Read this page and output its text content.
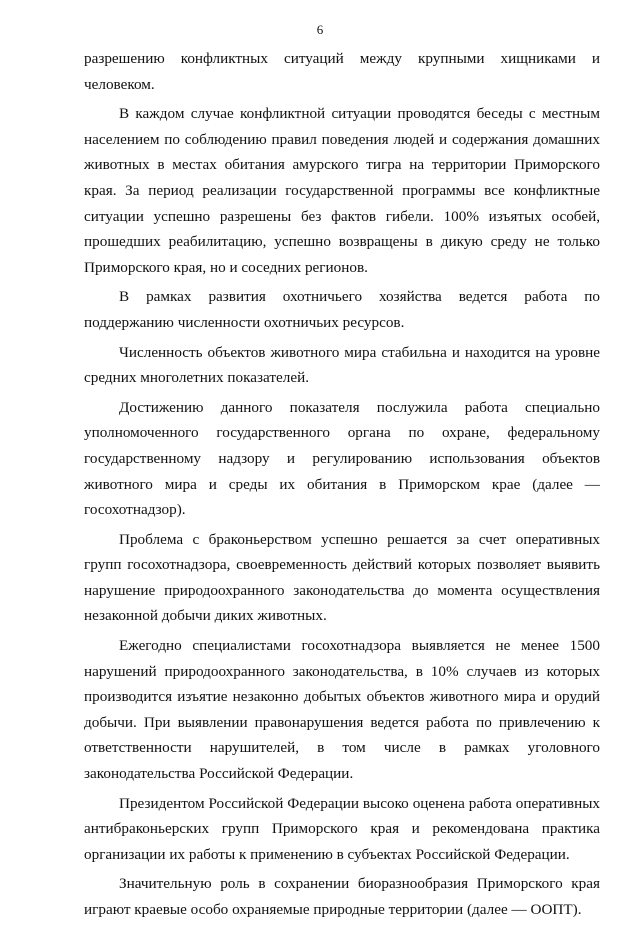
6

разрешению конфликтных ситуаций между крупными хищниками и человеком.

В каждом случае конфликтной ситуации проводятся беседы с местным населением по соблюдению правил поведения людей и содержания домашних животных в местах обитания амурского тигра на территории Приморского края. За период реализации государственной программы все конфликтные ситуации успешно разрешены без фактов гибели. 100% изъятых особей, прошедших реабилитацию, успешно возвращены в дикую среду не только Приморского края, но и соседних регионов.

В рамках развития охотничьего хозяйства ведется работа по поддержанию численности охотничьих ресурсов.

Численность объектов животного мира стабильна и находится на уровне средних многолетних показателей.

Достижению данного показателя послужила работа специально уполномоченного государственного органа по охране, федеральному государственному надзору и регулированию использования объектов животного мира и среды их обитания в Приморском крае (далее — госохотнадзор).

Проблема с браконьерством успешно решается за счет оперативных групп госохотнадзора, своевременность действий которых позволяет выявить нарушение природоохранного законодательства до момента осуществления незаконной добычи диких животных.

Ежегодно специалистами госохотнадзора выявляется не менее 1500 нарушений природоохранного законодательства, в 10% случаев из которых производится изъятие незаконно добытых объектов животного мира и орудий добычи. При выявлении правонарушения ведется работа по привлечению к ответственности нарушителей, в том числе в рамках уголовного законодательства Российской Федерации.

Президентом Российской Федерации высоко оценена работа оперативных антибраконьерских групп Приморского края и рекомендована практика организации их работы к применению в субъектах Российской Федерации.

Значительную роль в сохранении биоразнообразия Приморского края играют краевые особо охраняемые природные территории (далее — ООПТ).
